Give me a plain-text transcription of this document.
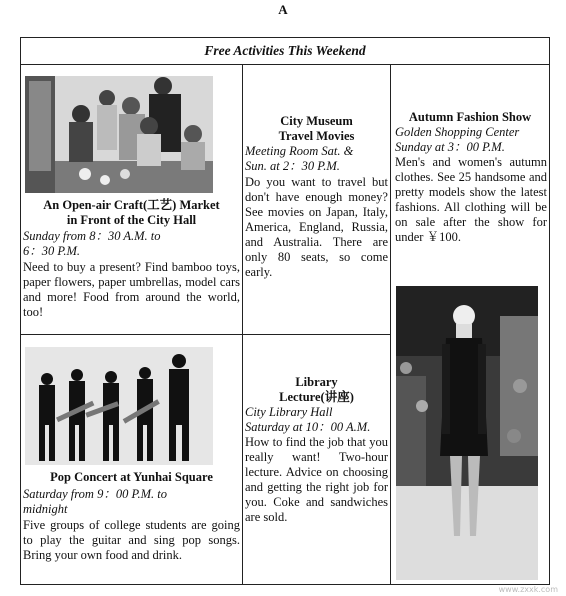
A
Free Activities This Weekend
An Open-air Craft(工艺) Market
in Front of the City Hall
Sunday from 8：30 A.M. to
6：30 P.M.
Need to buy a present? Find bamboo toys, paper flowers, paper umbrellas, model cars and more! Food from around the world, too!
City Museum
Travel Movies
Meeting Room Sat. &
Sun. at 2：30 P.M.
Do you want to travel but don't have enough money? See movies on Japan, Italy, America, England, Russia, and Australia. There are only 80 seats, so come early.
Autumn Fashion Show
Golden Shopping Center
Sunday at 3：00 P.M.
Men's and women's autumn clothes. See 25 handsome and pretty models show the latest fashions. All clothing will be on sale after the show for under ￥100.
Pop Concert at Yunhai Square
Saturday from 9：00 P.M. to
midnight
Five groups of college students are going to play the guitar and sing pop songs. Bring your own food and drink.
Library
Lecture(讲座)
City Library Hall
Saturday at 10：00 A.M.
How to find the job that you really want! Two-hour lecture. Advice on choosing and getting the right job for you. Coke and sandwiches are sold.
www.zxxk.com
